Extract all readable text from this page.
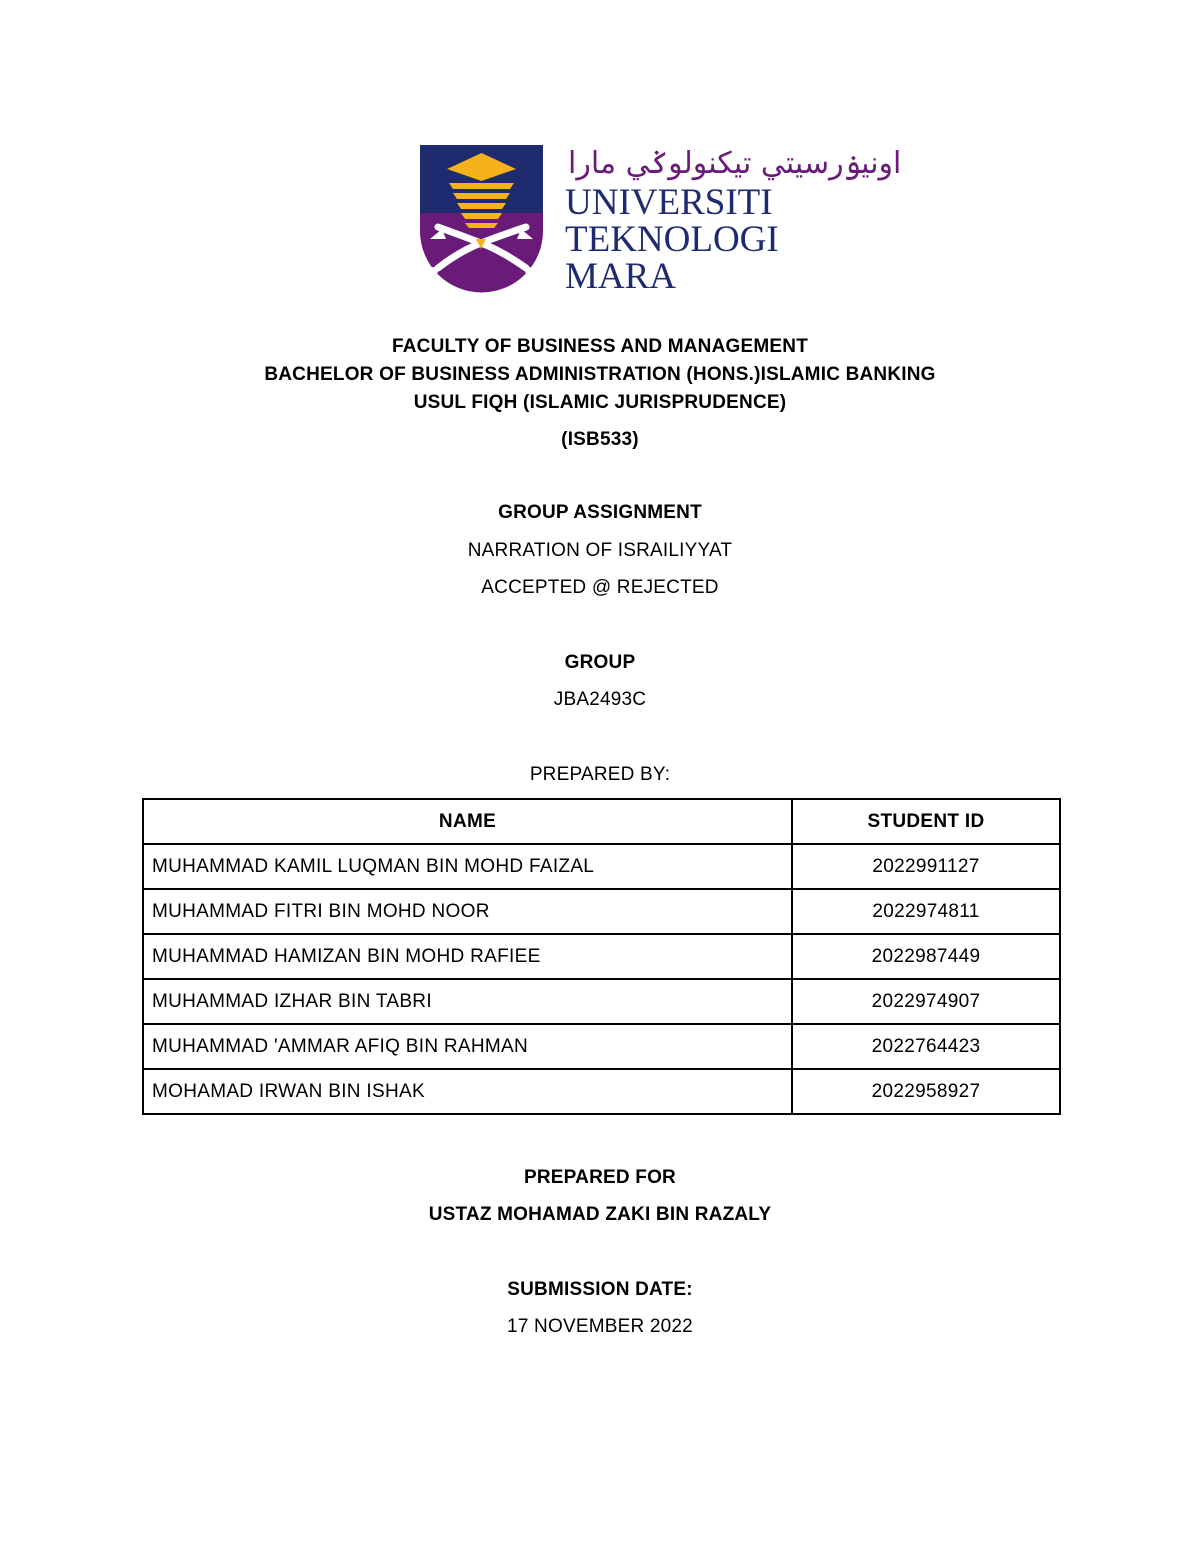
اونيۏرسيتي تيكنولوݢي مارا
UNIVERSITI
TEKNOLOGI
MARA
FACULTY OF BUSINESS AND MANAGEMENT
BACHELOR OF BUSINESS ADMINISTRATION (HONS.)ISLAMIC BANKING
USUL FIQH (ISLAMIC JURISPRUDENCE)
(ISB533)
GROUP ASSIGNMENT
NARRATION OF ISRAILIYYAT
ACCEPTED @ REJECTED
GROUP
JBA2493C
PREPARED BY:
NAME	STUDENT ID
MUHAMMAD KAMIL LUQMAN BIN MOHD FAIZAL	2022991127
MUHAMMAD FITRI BIN MOHD NOOR	2022974811
MUHAMMAD HAMIZAN BIN MOHD RAFIEE	2022987449
MUHAMMAD IZHAR BIN TABRI	2022974907
MUHAMMAD 'AMMAR AFIQ BIN RAHMAN	2022764423
MOHAMAD IRWAN BIN ISHAK	2022958927
PREPARED FOR
USTAZ MOHAMAD ZAKI BIN RAZALY
SUBMISSION DATE:
17 NOVEMBER 2022
